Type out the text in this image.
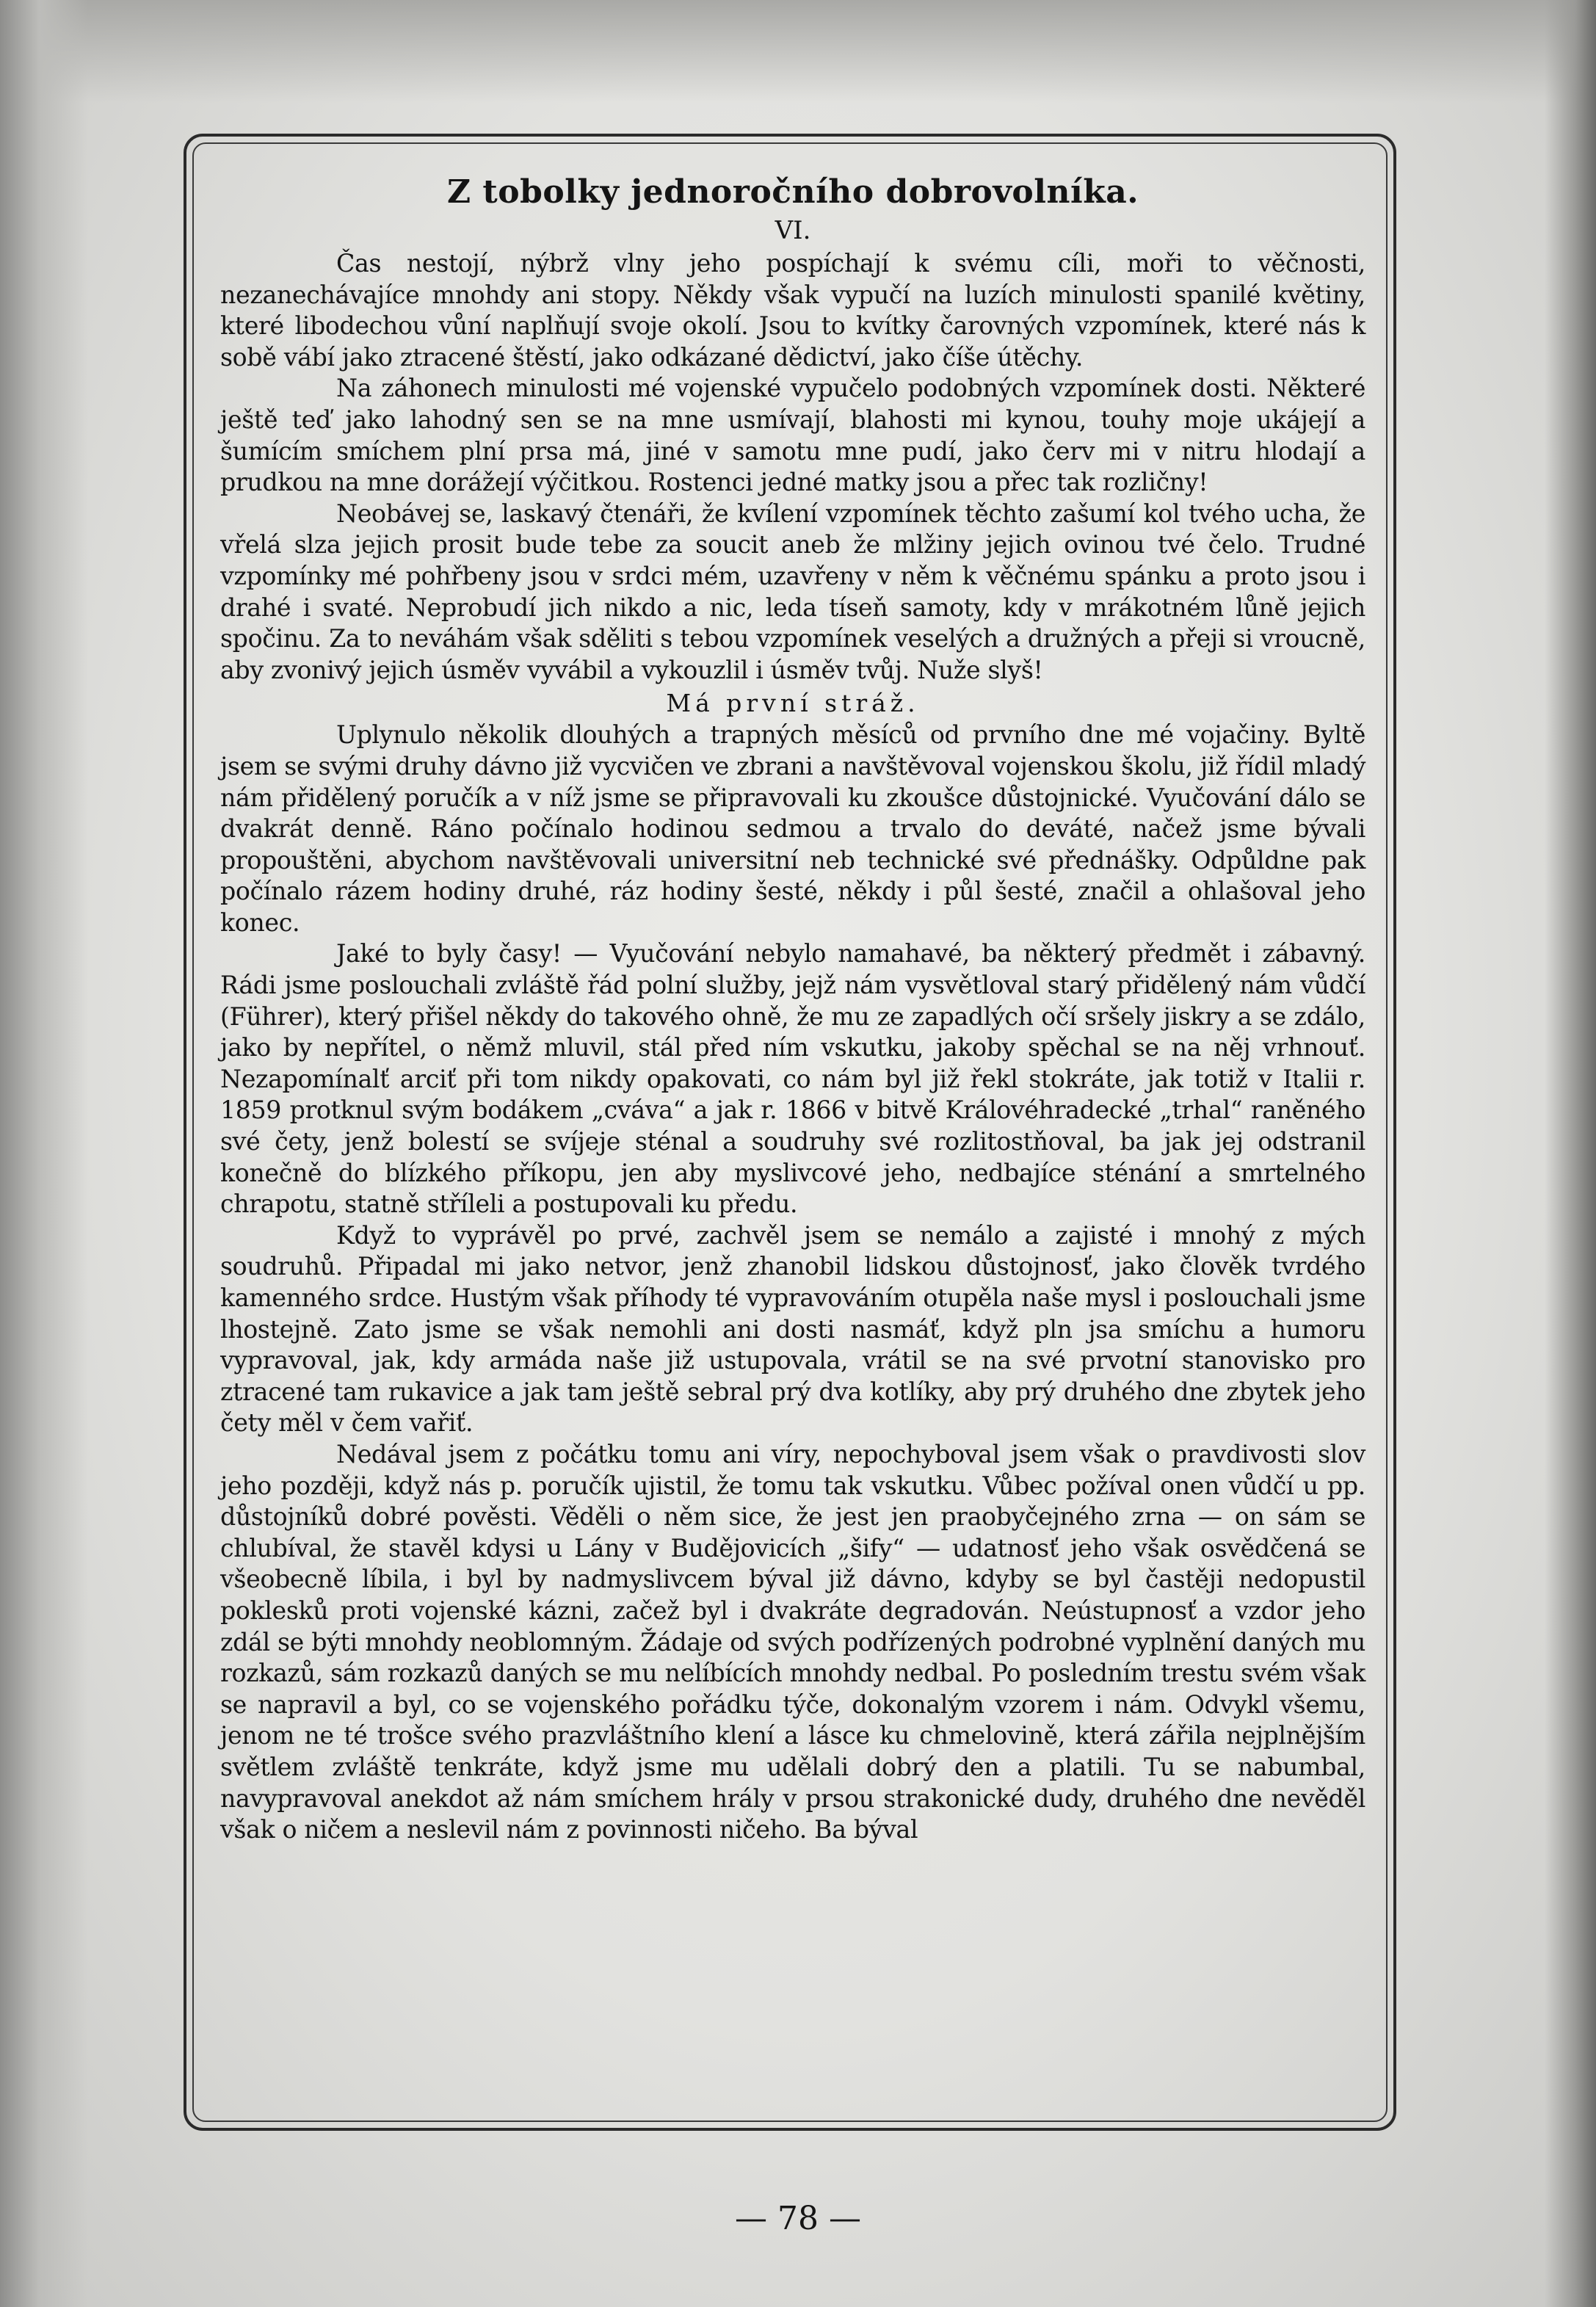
Z tobolky jednoročního dobrovolníka.
VI.

Čas nestojí, nýbrž vlny jeho pospíchají k svému cíli, moři to věčnosti, nezanechávajíce mnohdy ani stopy. Někdy však vypučí na luzích minulosti spanilé květiny, které libodechou vůní naplňují svoje okolí. Jsou to kvítky čarovných vzpomínek, které nás k sobě vábí jako ztracené štěstí, jako odkázané dědictví, jako číše útěchy.

Na záhonech minulosti mé vojenské vypučelo podobných vzpomínek dosti. Některé ještě teď jako lahodný sen se na mne usmívají, blahosti mi kynou, touhy moje ukájejí a šumícím smíchem plní prsa má, jiné v samotu mne pudí, jako červ mi v nitru hlodají a prudkou na mne dorážejí výčitkou. Rostenci jedné matky jsou a přec tak rozličny!

Neobávej se, laskavý čtenáři, že kvílení vzpomínek těchto zašumí kol tvého ucha, že vřelá slza jejich prosit bude tebe za soucit aneb že mlžiny jejich ovinou tvé čelo. Trudné vzpomínky mé pohřbeny jsou v srdci mém, uzavřeny v něm k věčnému spánku a proto jsou i drahé i svaté. Neprobudí jich nikdo a nic, leda tíseň samoty, kdy v mrákotném lůně jejich spočinu. Za to neváhám však sděliti s tebou vzpomínek veselých a družných a přeji si vroucně, aby zvonivý jejich úsměv vyvábil a vykouzlil i úsměv tvůj. Nuže slyš!

Má první stráž.

Uplynulo několik dlouhých a trapných měsíců od prvního dne mé vojačiny. Byltě jsem se svými druhy dávno již vycvičen ve zbrani a navštěvoval vojenskou školu, již řídil mladý nám přidělený poručík a v níž jsme se připravovali ku zkoušce důstojnické. Vyučování dálo se dvakrát denně. Ráno počínalo hodinou sedmou a trvalo do deváté, načež jsme bývali propouštěni, abychom navštěvovali universitní neb technické své přednášky. Odpůldne pak počínalo rázem hodiny druhé, ráz hodiny šesté, někdy i půl šesté, značil a ohlašoval jeho konec.

Jaké to byly časy! — Vyučování nebylo namahavé, ba některý předmět i zábavný. Rádi jsme poslouchali zvláště řád polní služby, jejž nám vysvětloval starý přidělený nám vůdčí (Führer), který přišel někdy do takového ohně, že mu ze zapadlých očí sršely jiskry a se zdálo, jako by nepřítel, o němž mluvil, stál před ním vskutku, jakoby spěchal se na něj vrhnouť. Nezapomínalť arciť při tom nikdy opakovati, co nám byl již řekl stokráte, jak totiž v Italii r. 1859 protknul svým bodákem „cváva“ a jak r. 1866 v bitvě Královéhradecké „trhal“ raněného své čety, jenž bolestí se svíjeje sténal a soudruhy své rozlitostňoval, ba jak jej odstranil konečně do blízkého příkopu, jen aby myslivcové jeho, nedbajíce sténání a smrtelného chrapotu, statně stříleli a postupovali ku předu.

Když to vyprávěl po prvé, zachvěl jsem se nemálo a zajisté i mnohý z mých soudruhů. Připadal mi jako netvor, jenž zhanobil lidskou důstojnosť, jako člověk tvrdého kamenného srdce. Hustým však příhody té vypravováním otupěla naše mysl i poslouchali jsme lhostejně. Zato jsme se však nemohli ani dosti nasmáť, když pln jsa smíchu a humoru vypravoval, jak, kdy armáda naše již ustupovala, vrátil se na své prvotní stanovisko pro ztracené tam rukavice a jak tam ještě sebral prý dva kotlíky, aby prý druhého dne zbytek jeho čety měl v čem vařiť.

Nedával jsem z počátku tomu ani víry, nepochyboval jsem však o pravdivosti slov jeho později, když nás p. poručík ujistil, že tomu tak vskutku. Vůbec požíval onen vůdčí u pp. důstojníků dobré pověsti. Věděli o něm sice, že jest jen praobyčejného zrna — on sám se chlubíval, že stavěl kdysi u Lány v Budějovicích „šify“ — udatnosť jeho však osvědčená se všeobecně líbila, i byl by nadmyslivcem býval již dávno, kdyby se byl častěji nedopustil poklesků proti vojenské kázni, začež byl i dvakráte degradován. Neústupnosť a vzdor jeho zdál se býti mnohdy neoblomným. Žádaje od svých podřízených podrobné vyplnění daných mu rozkazů, sám rozkazů daných se mu nelíbících mnohdy nedbal. Po posledním trestu svém však se napravil a byl, co se vojenského pořádku týče, dokonalým vzorem i nám. Odvykl všemu, jenom ne té trošce svého prazvláštního klení a lásce ku chmelovině, která zářila nejplnějším světlem zvláště tenkráte, když jsme mu udělali dobrý den a platili. Tu se nabumbal, navypravoval anekdot až nám smíchem hrály v prsou strakonické dudy, druhého dne nevěděl však o ničem a neslevil nám z povinnosti ničeho. Ba býval

— 78 —
